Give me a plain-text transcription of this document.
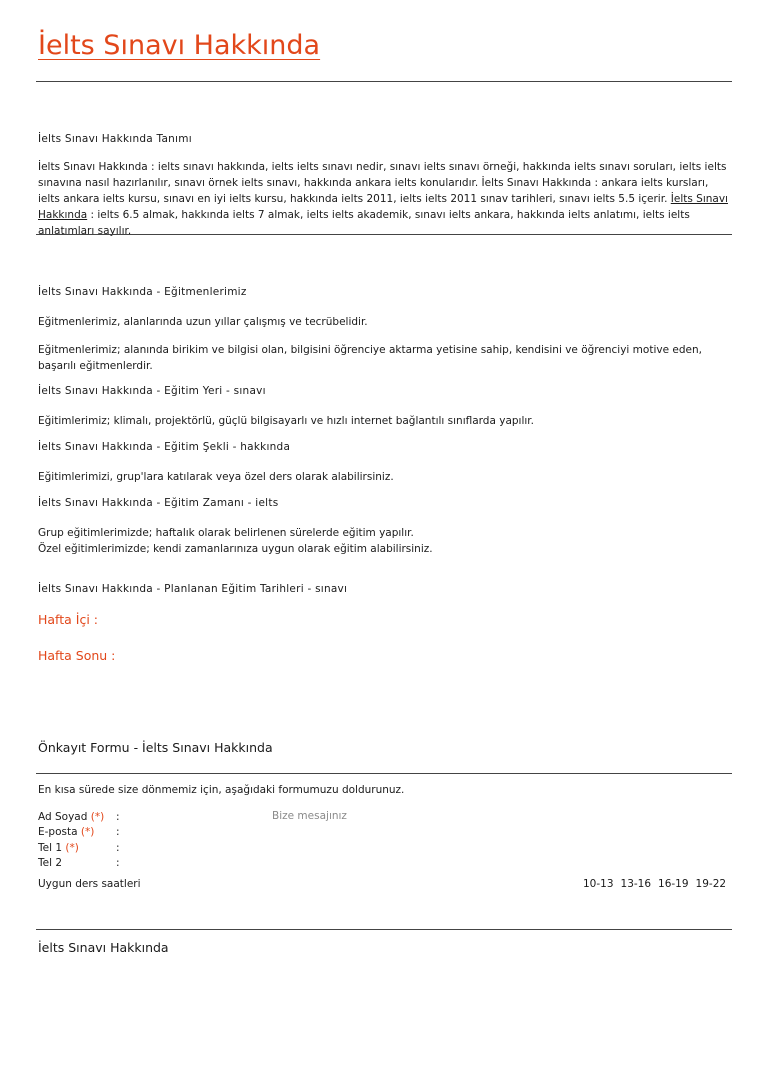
İelts Sınavı Hakkında
İelts Sınavı Hakkında Tanımı
İelts Sınavı Hakkında : ielts sınavı hakkında, ielts ielts sınavı nedir, sınavı ielts sınavı örneği, hakkında ielts sınavı soruları, ielts ielts sınavına nasıl hazırlanılır, sınavı örnek ielts sınavı, hakkında ankara ielts konularıdır. İelts Sınavı Hakkında : ankara ielts kursları, ielts ankara ielts kursu, sınavı en iyi ielts kursu, hakkında ielts 2011, ielts ielts 2011 sınav tarihleri, sınavı ielts 5.5 içerir. İelts Sınavı Hakkında : ielts 6.5 almak, hakkında ielts 7 almak, ielts ielts akademik, sınavı ielts ankara, hakkında ielts anlatımı, ielts ielts anlatımları sayılır.
İelts Sınavı Hakkında - Eğitmenlerimiz
Eğitmenlerimiz, alanlarında uzun yıllar çalışmış ve tecrübelidir.
Eğitmenlerimiz; alanında birikim ve bilgisi olan, bilgisini öğrenciye aktarma yetisine sahip, kendisini ve öğrenciyi motive eden, başarılı eğitmenlerdir.
İelts Sınavı Hakkında - Eğitim Yeri - sınavı
Eğitimlerimiz; klimalı, projektörlü, güçlü bilgisayarlı ve hızlı internet bağlantılı sınıflarda yapılır.
İelts Sınavı Hakkında - Eğitim Şekli - hakkında
Eğitimlerimizi, grup'lara katılarak veya özel ders olarak alabilirsiniz.
İelts Sınavı Hakkında - Eğitim Zamanı - ielts
Grup eğitimlerimizde; haftalık olarak belirlenen sürelerde eğitim yapılır.
Özel eğitimlerimizde; kendi zamanlarınıza uygun olarak eğitim alabilirsiniz.
İelts Sınavı Hakkında - Planlanan Eğitim Tarihleri - sınavı
Hafta İçi :
Hafta Sonu :
Önkayıt Formu - İelts Sınavı Hakkında
En kısa sürede size dönmemiz için, aşağıdaki formumuzu doldurunuz.
Ad Soyad (*) :
E-posta (*) :
Tel 1 (*)	:
Tel 2	:
Bize mesajınız
Uygun ders saatleri	10-13 13-16 16-19 19-22
İelts Sınavı Hakkında
